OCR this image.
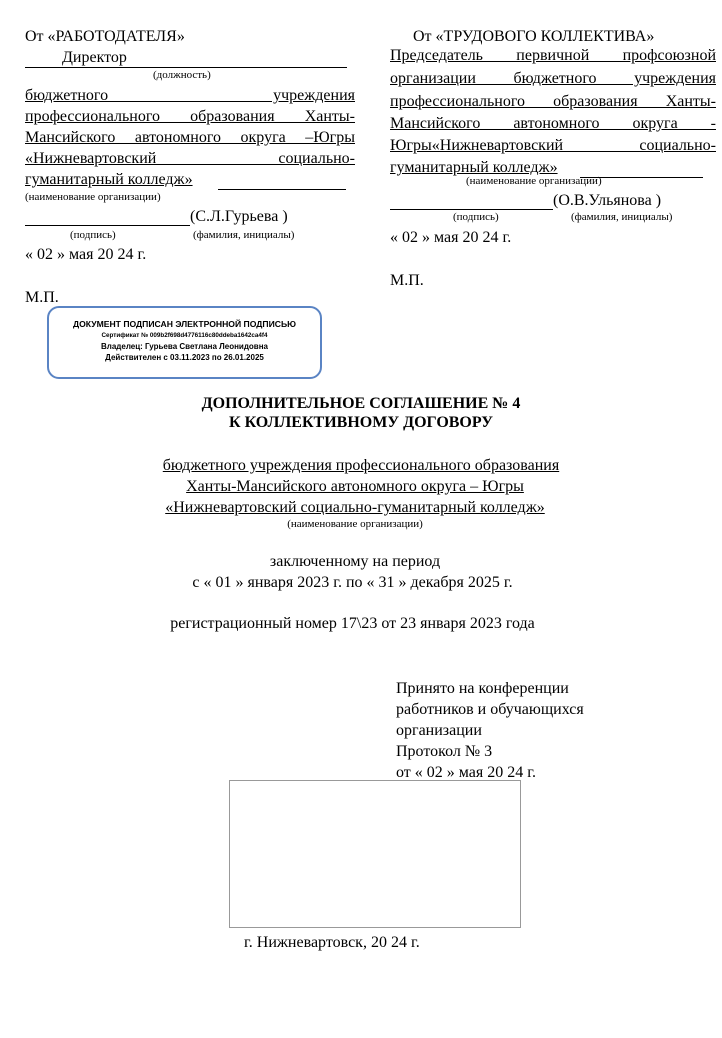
От «РАБОТОДАТЕЛЯ»
Директор
(должность)
бюджетного учреждения
профессионального образования Ханты-
Мансийского автономного округа –Югры
«Нижневартовский социально-
гуманитарный колледж»
(наименование организации)
(С.Л.Гурьева )
(подпись)	(фамилия, инициалы)
« 02 » мая 20 24 г.
М.П.
От «ТРУДОВОГО КОЛЛЕКТИВА»
Председатель первичной профсоюзной
организации бюджетного учреждения
профессионального образования Ханты-
Мансийского автономного округа -
Югры«Нижневартовский социально-
гуманитарный колледж»
(наименование организации)
(О.В.Ульянова )
(подпись)	(фамилия, инициалы)
« 02 » мая 20 24 г.
М.П.
ДОКУМЕНТ ПОДПИСАН ЭЛЕКТРОННОЙ ПОДПИСЬЮ
Сертификат № 009b2f698d4776116c80ddeba1642ca4f4
Владелец: Гурьева Светлана Леонидовна
Действителен с 03.11.2023 по 26.01.2025
ДОПОЛНИТЕЛЬНОЕ СОГЛАШЕНИЕ № 4
К КОЛЛЕКТИВНОМУ ДОГОВОРУ
бюджетного учреждения профессионального образования
Ханты-Мансийского автономного округа – Югры
«Нижневартовский социально-гуманитарный колледж»
(наименование организации)
заключенному на период
с « 01 » января 2023 г. по « 31 » декабря 2025 г.
регистрационный номер 17\23 от 23 января 2023 года
Принято на конференции
работников и обучающихся
организации
Протокол № 3
от « 02 » мая 20 24 г.
г. Нижневартовск, 20 24 г.
